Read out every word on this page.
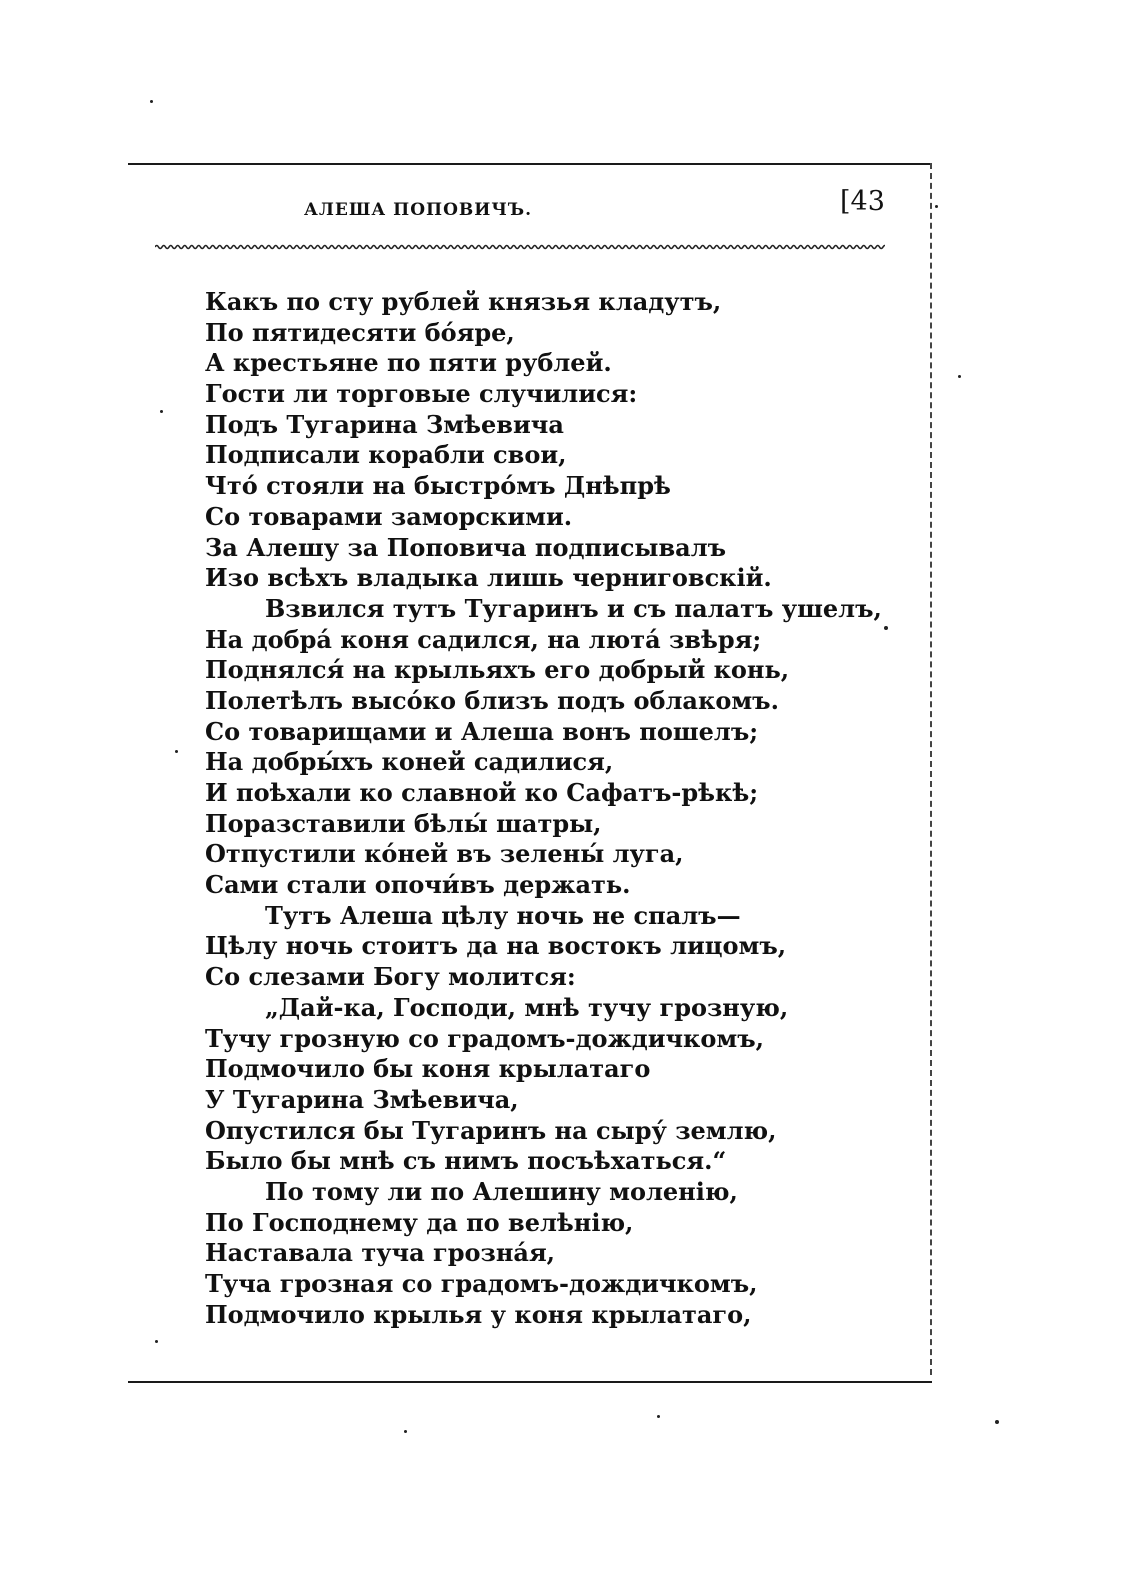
АЛЕША ПОПОВИЧЪ.	[43
Какъ по сту рублей князья кладутъ,
По пятидесяти бо́яре,
А крестьяне по пяти рублей.
Гости ли торговые случилися:
Подъ Тугарина Змѣевича
Подписали корабли свои,
Что́ стояли на быстро́мъ Днѣпрѣ
Со товарами заморскими.
За Алешу за Поповича подписывалъ
Изо всѣхъ владыка лишь черниговскій.
Взвился тутъ Тугаринъ и съ палатъ ушелъ,
На добра́ коня садился, на люта́ звѣря;
Поднялся́ на крыльяхъ его добрый конь,
Полетѣлъ высо́ко близъ подъ облакомъ.
Со товарищами и Алеша вонъ пошелъ;
На добры́хъ коней садилися,
И поѣхали ко славной ко Сафатъ-рѣкѣ;
Поразставили бѣлы́ шатры,
Отпустили ко́ней въ зелены́ луга,
Сами стали опочи́въ держать.
Тутъ Алеша цѣлу ночь не спалъ—
Цѣлу ночь стоитъ да на востокъ лицомъ,
Со слезами Богу молится:
„Дай-ка, Господи, мнѣ тучу грозную,
Тучу грозную со градомъ-дождичкомъ,
Подмочило бы коня крылатаго
У Тугарина Змѣевича,
Опустился бы Тугаринъ на сыру́ землю,
Было бы мнѣ съ нимъ посъѣхаться.“
По тому ли по Алешину моленію,
По Господнему да по велѣнію,
Наставала туча грозна́я,
Туча грозная со градомъ-дождичкомъ,
Подмочило крылья у коня крылатаго,
